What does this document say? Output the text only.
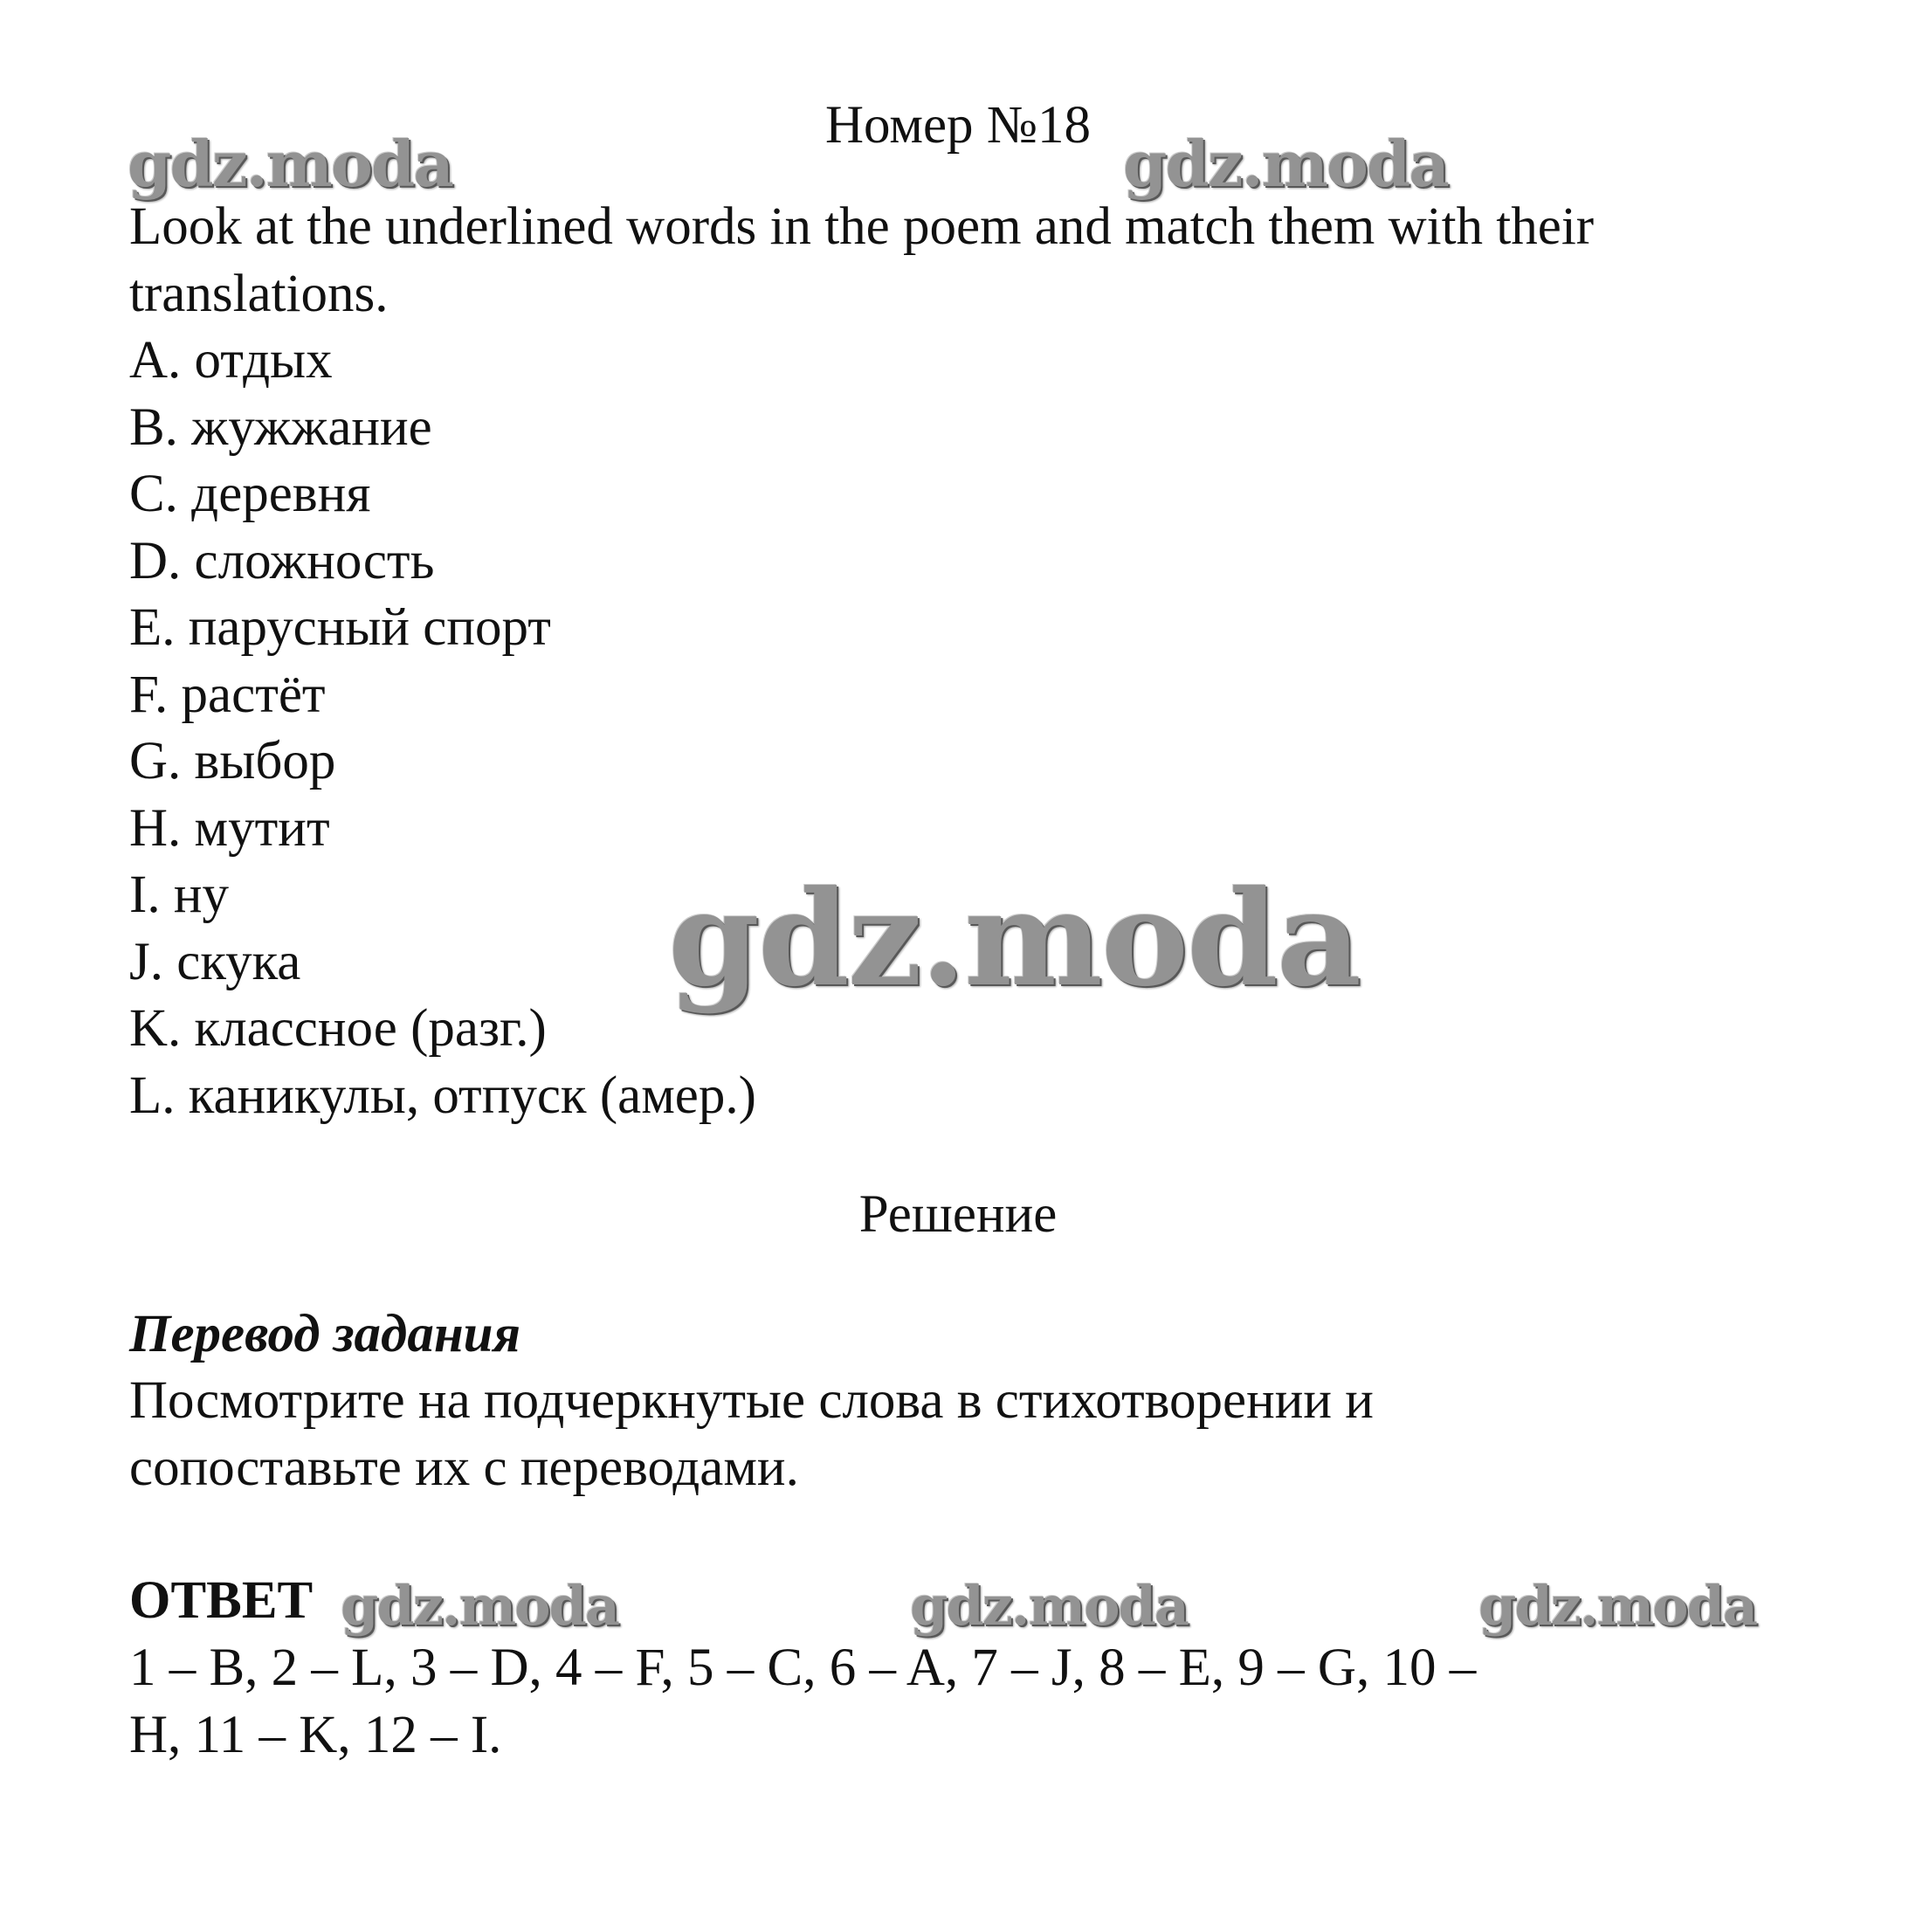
gdz.moda	gdz.moda
gdz.moda
gdz.moda	gdz.moda	gdz.moda
Номер №18
Look at the underlined words in the poem and match them with their
translations.
A. отдых
B. жужжание
C. деревня
D. сложность
E. парусный спорт
F. растёт
G. выбор
H. мутит
I. ну
J. скука
K. классное (разг.)
L. каникулы, отпуск (амер.)
Решение
Перевод задания
Посмотрите на подчеркнутые слова в стихотворении и
сопоставьте их с переводами.
ОТВЕТ
1 – B, 2 – L, 3 – D, 4 – F, 5 – C, 6 – A, 7 – J, 8 – E, 9 – G, 10 –
H, 11 – K, 12 – I.
